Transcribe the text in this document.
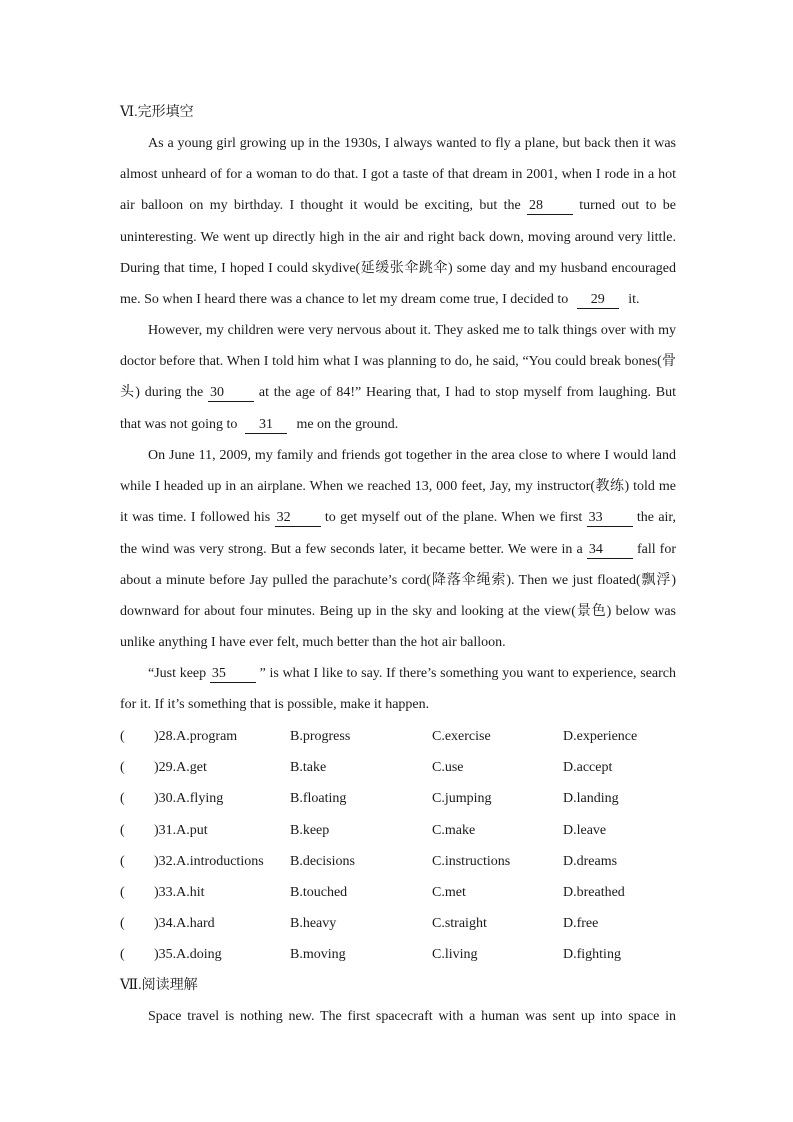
Ⅵ.完形填空
As a young girl growing up in the 1930s, I always wanted to fly a plane, but back then it was
almost unheard of for a woman to do that. I got a taste of that dream in 2001, when I rode in a hot
air balloon on my birthday. I thought it would be exciting, but the 28	turned out to be
uninteresting. We went up directly high in the air and right back down, moving around very little.
During that time, I hoped I could skydive(延缓张伞跳伞) some day and my husband encouraged
me. So when I heard there was a chance to let my dream come true, I decided to 29 it.
However, my children were very nervous about it. They asked me to talk things over with my
doctor before that. When I told him what I was planning to do, he said, “You could break bones(骨
头) during the 30 at the age of 84!” Hearing that, I had to stop myself from laughing. But
that was not going to 31 me on the ground.
On June 11, 2009, my family and friends got together in the area close to where I would land
while I headed up in an airplane. When we reached 13, 000 feet, Jay, my instructor(教练) told me
it was time. I followed his 32 to get myself out of the plane. When we first 33 the air,
the wind was very strong. But a few seconds later, it became better. We were in a 34 fall for
about a minute before Jay pulled the parachute’s cord(降落伞绳索). Then we just floated(飘浮)
downward for about four minutes. Being up in the sky and looking at the view(景色) below was
unlike anything I have ever felt, much better than the hot air balloon.
“Just keep 35 ” is what I like to say. If there’s something you want to experience, search
for it. If it’s something that is possible, make it happen.
( )28.A.program	B.progress	C.exercise	D.experience
( )29.A.get	B.take	C.use	D.accept
( )30.A.flying	B.floating	C.jumping	D.landing
( )31.A.put	B.keep	C.make	D.leave
( )32.A.introductions B.decisions	C.instructions	D.dreams
( )33.A.hit	B.touched	C.met	D.breathed
( )34.A.hard	B.heavy	C.straight	D.free
( )35.A.doing	B.moving	C.living	D.fighting
Ⅶ.阅读理解
Space travel is nothing new. The first spacecraft with a human was sent up into space in
